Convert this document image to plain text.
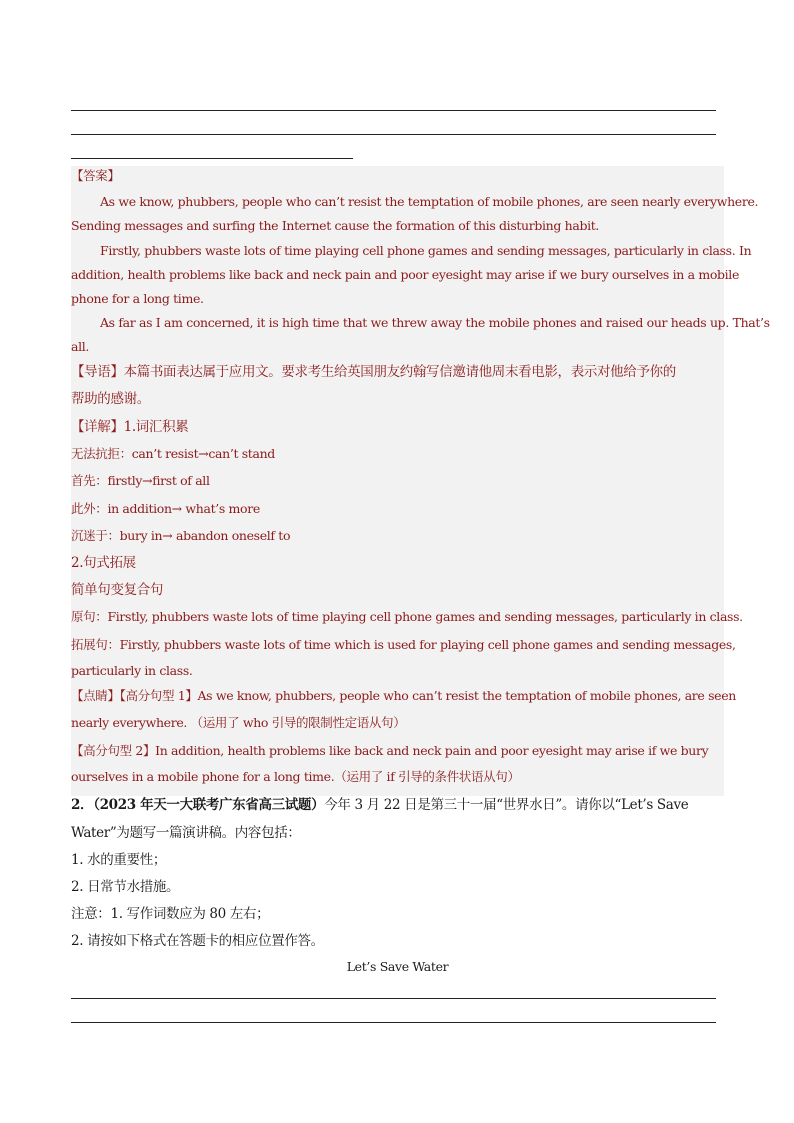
【答案】
As we know, phubbers, people who can’t resist the temptation of mobile phones, are seen nearly everywhere.
Sending messages and surfing the Internet cause the formation of this disturbing habit.
Firstly, phubbers waste lots of time playing cell phone games and sending messages, particularly in class. In
addition, health problems like back and neck pain and poor eyesight may arise if we bury ourselves in a mobile
phone for a long time.
As far as I am concerned, it is high time that we threw away the mobile phones and raised our heads up. That’s
all.
【导语】本篇书面表达属于应用文。要求考生给英国朋友约翰写信邀请他周末看电影，表示对他给予你的
帮助的感谢。
【详解】1.词汇积累
无法抗拒：can’t resist→can’t stand
首先：firstly→first of all
此外：in addition→ what’s more
沉迷于：bury in→ abandon oneself to
2.句式拓展
简单句变复合句
原句：Firstly, phubbers waste lots of time playing cell phone games and sending messages, particularly in class.
拓展句：Firstly, phubbers waste lots of time which is used for playing cell phone games and sending messages,
particularly in class.
【点睛】【高分句型 1】As we know, phubbers, people who can’t resist the temptation of mobile phones, are seen
nearly everywhere. （运用了 who 引导的限制性定语从句）
【高分句型 2】In addition, health problems like back and neck pain and poor eyesight may arise if we bury
ourselves in a mobile phone for a long time.（运用了 if 引导的条件状语从句）
2．（2023 年天一大联考广东省高三试题）今年 3 月 22 日是第三十一届“世界水日”。请你以“Let’s Save
Water”为题写一篇演讲稿。内容包括：
1. 水的重要性；
2. 日常节水措施。
注意：1. 写作词数应为 80 左右；
2. 请按如下格式在答题卡的相应位置作答。
Let’s Save Water
